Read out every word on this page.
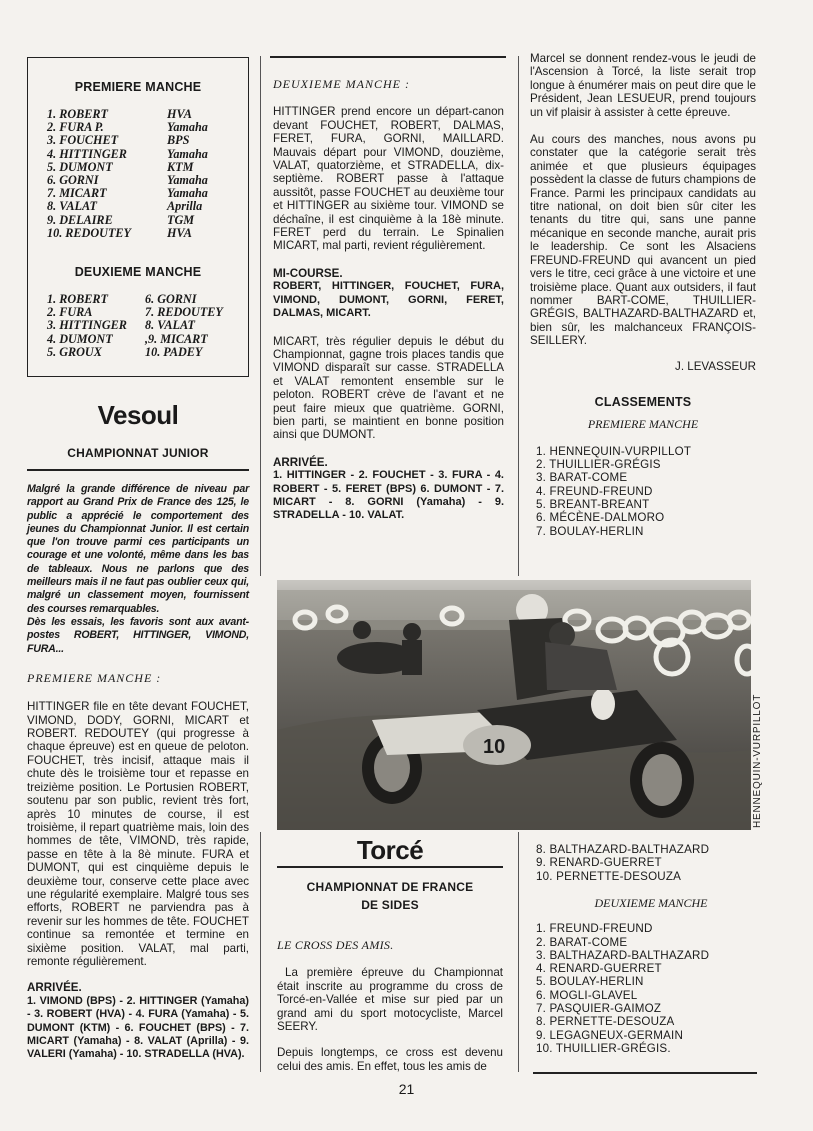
PREMIERE MANCHE
1. ROBERT	HVA
2. FURA P.	Yamaha
3. FOUCHET	BPS
4. HITTINGER	Yamaha
5. DUMONT	KTM
6. GORNI	Yamaha
7. MICART	Yamaha
8. VALAT	Aprilla
9. DELAIRE	TGM
10. REDOUTEY	HVA
DEUXIEME MANCHE
1. ROBERT	6. GORNI
2. FURA	7. REDOUTEY
3. HITTINGER	8. VALAT
4. DUMONT	,9. MICART
5. GROUX	10. PADEY
Vesoul
CHAMPIONNAT JUNIOR

Malgré la grande différence de niveau par rapport au Grand Prix de France des 125, le public a apprécié le comportement des jeunes du Championnat Junior. Il est certain que l'on trouve parmi ces participants un courage et une volonté, même dans les bas de tableaux. Nous ne parlons que des meilleurs mais il ne faut pas oublier ceux qui, malgré un classement moyen, fournissent des courses remarquables.

Dès les essais, les favoris sont aux avant-postes ROBERT, HITTINGER, VIMOND, FURA...

PREMIERE MANCHE :

HITTINGER file en tête devant FOUCHET, VIMOND, DODY, GORNI, MICART et ROBERT. REDOUTEY (qui progresse à chaque épreuve) est en queue de peloton. FOUCHET, très incisif, attaque mais il chute dès le troisième tour et repasse en treizième position. Le Portusien ROBERT, soutenu par son public, revient très fort, après 10 minutes de course, il est troisième, il repart quatrième mais, loin des hommes de tête, VIMOND, très rapide, passe en tête à la 8è minute. FURA et DUMONT, qui est cinquième depuis le deuxième tour, conserve cette place avec une régularité exemplaire. Malgré tous ses efforts, ROBERT ne parviendra pas à revenir sur les hommes de tête. FOUCHET continue sa remontée et termine en sixième position. VALAT, mal parti, remonte régulièrement.

ARRIVÉE.

1. VIMOND (BPS) - 2. HITTINGER (Yamaha) - 3. ROBERT (HVA) - 4. FURA (Yamaha) - 5. DUMONT (KTM) - 6. FOUCHET (BPS) - 7. MICART (Yamaha) - 8. VALAT (Aprilla) - 9. VALERI (Yamaha) - 10. STRADELLA (HVA).

DEUXIEME MANCHE :

HITTINGER prend encore un départ-canon devant FOUCHET, ROBERT, DALMAS, FERET, FURA, GORNI, MAILLARD. Mauvais départ pour VIMOND, douzième, VALAT, quatorzième, et STRADELLA, dix-septième. ROBERT passe à l'attaque aussitôt, passe FOUCHET au deuxième tour et HITTINGER au sixième tour. VIMOND se déchaîne, il est cinquième à la 18è minute. FERET perd du terrain. Le Spinalien MICART, mal parti, revient régulièrement.

MI-COURSE.

ROBERT, HITTINGER, FOUCHET, FURA, VIMOND, DUMONT, GORNI, FERET, DALMAS, MICART.

MICART, très régulier depuis le début du Championnat, gagne trois places tandis que VIMOND disparaît sur casse. STRADELLA et VALAT remontent ensemble sur le peloton. ROBERT crève de l'avant et ne peut faire mieux que quatrième. GORNI, bien parti, se maintient en bonne position ainsi que DUMONT.

ARRIVÉE.

1. HITTINGER - 2. FOUCHET - 3. FURA - 4. ROBERT - 5. FERET (BPS) 6. DUMONT - 7. MICART - 8. GORNI (Yamaha) - 9. STRADELLA - 10. VALAT.

Marcel se donnent rendez-vous le jeudi de l'Ascension à Torcé, la liste serait trop longue à énumérer mais on peut dire que le Président, Jean LESUEUR, prend toujours un vif plaisir à assister à cette épreuve.

Au cours des manches, nous avons pu constater que la catégorie serait très animée et que plusieurs équipages possèdent la classe de futurs champions de France. Parmi les principaux candidats au titre national, on doit bien sûr citer les tenants du titre qui, sans une panne mécanique en seconde manche, aurait pris le leadership. Ce sont les Alsaciens FREUND-FREUND qui avancent un pied vers le titre, ceci grâce à une victoire et une troisième place. Quant aux outsiders, il faut nommer BART-COME, THUILLIER-GRÉGIS, BALTHAZARD-BALTHAZARD et, bien sûr, les malchanceux FRANÇOIS-SEILLERY.

J. LEVASSEUR

CLASSEMENTS

PREMIERE MANCHE

1. HENNEQUIN-VURPILLOT
2. THUILLIER-GRÉGIS
3. BARAT-COME
4. FREUND-FREUND
5. BREANT-BREANT
6. MÉCÈNE-DALMORO
7. BOULAY-HERLIN
10	HENNEQUIN-VURPILLOT
Torcé
CHAMPIONNAT DE FRANCE
DE SIDES

LE CROSS DES AMIS.

La première épreuve du Championnat était inscrite au programme du cross de Torcé-en-Vallée et mise sur pied par un grand ami du sport motocycliste, Marcel SEERY.

Depuis longtemps, ce cross est devenu celui des amis. En effet, tous les amis de

8. BALTHAZARD-BALTHAZARD
9. RENARD-GUERRET
10. PERNETTE-DESOUZA

DEUXIEME MANCHE

1. FREUND-FREUND
2. BARAT-COME
3. BALTHAZARD-BALTHAZARD
4. RENARD-GUERRET
5. BOULAY-HERLIN
6. MOGLI-GLAVEL
7. PASQUIER-GAIMOZ
8. PERNETTE-DESOUZA
9. LEGAGNEUX-GERMAIN
10. THUILLIER-GRÉGIS.
21
